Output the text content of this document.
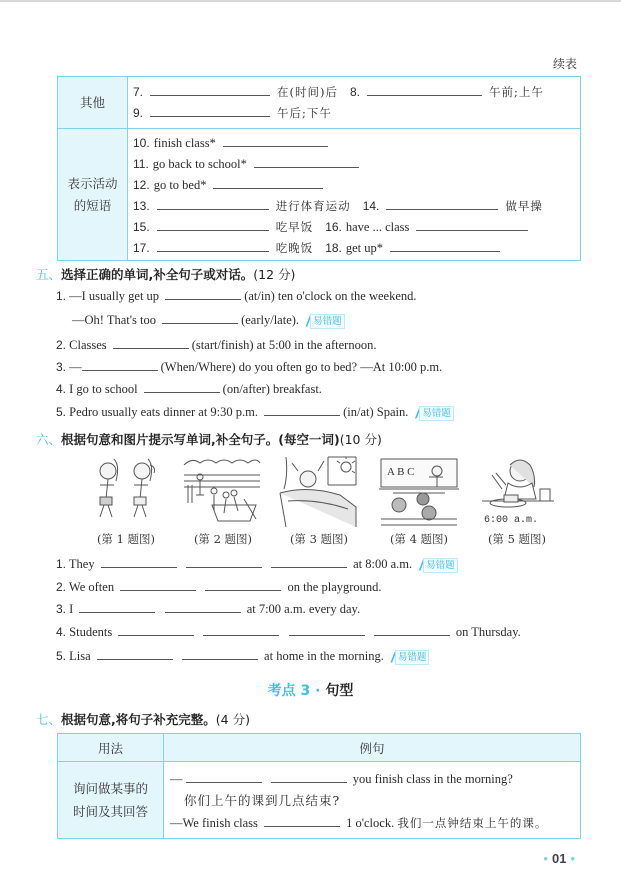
续表
其他
7.	在(时间)后 8.	午前;上午
9.	午后;下午
表示活动
的短语
10. finish class*
11. go back to school*
12. go to bed*
13.	进行体育运动 14.	做早操
15.	吃早饭 16. have ... class
17.	吃晚饭 18. get up*
五、选择正确的单词,补全句子或对话。(12 分)
1. —I usually get up	(at/in) ten o'clock on the weekend.
—Oh! That's too	(early/late). / 易错题
2. Classes	(start/finish) at 5:00 in the afternoon.
3. —	(When/Where) do you often go to bed? —At 10:00 p.m.
4. I go to school	(on/after) breakfast.
5. Pedro usually eats dinner at 9:30 p.m.	(in/at) Spain. / 易错题
六、根据句意和图片提示写单词,补全句子。(每空一词)(10 分)
(第 1 题图)	(第 2 题图)	(第 3 题图)
A B C
(第 4 题图)
6:00 a.m.
(第 5 题图)
1. They	at 8:00 a.m. / 易错题
2. We often	on the playground.
3. I	at 7:00 a.m. every day.
4. Students	on Thursday.
5. Lisa	at home in the morning. / 易错题
考点 3 · 句型
七、根据句意,将句子补充完整。(4 分)
用法	例句
询问做某事的
时间及其回答
—	you finish class in the morning?
你们上午的课到几点结束?
—We finish class	1 o'clock. 我们一点钟结束上午的课。
• 01 •
